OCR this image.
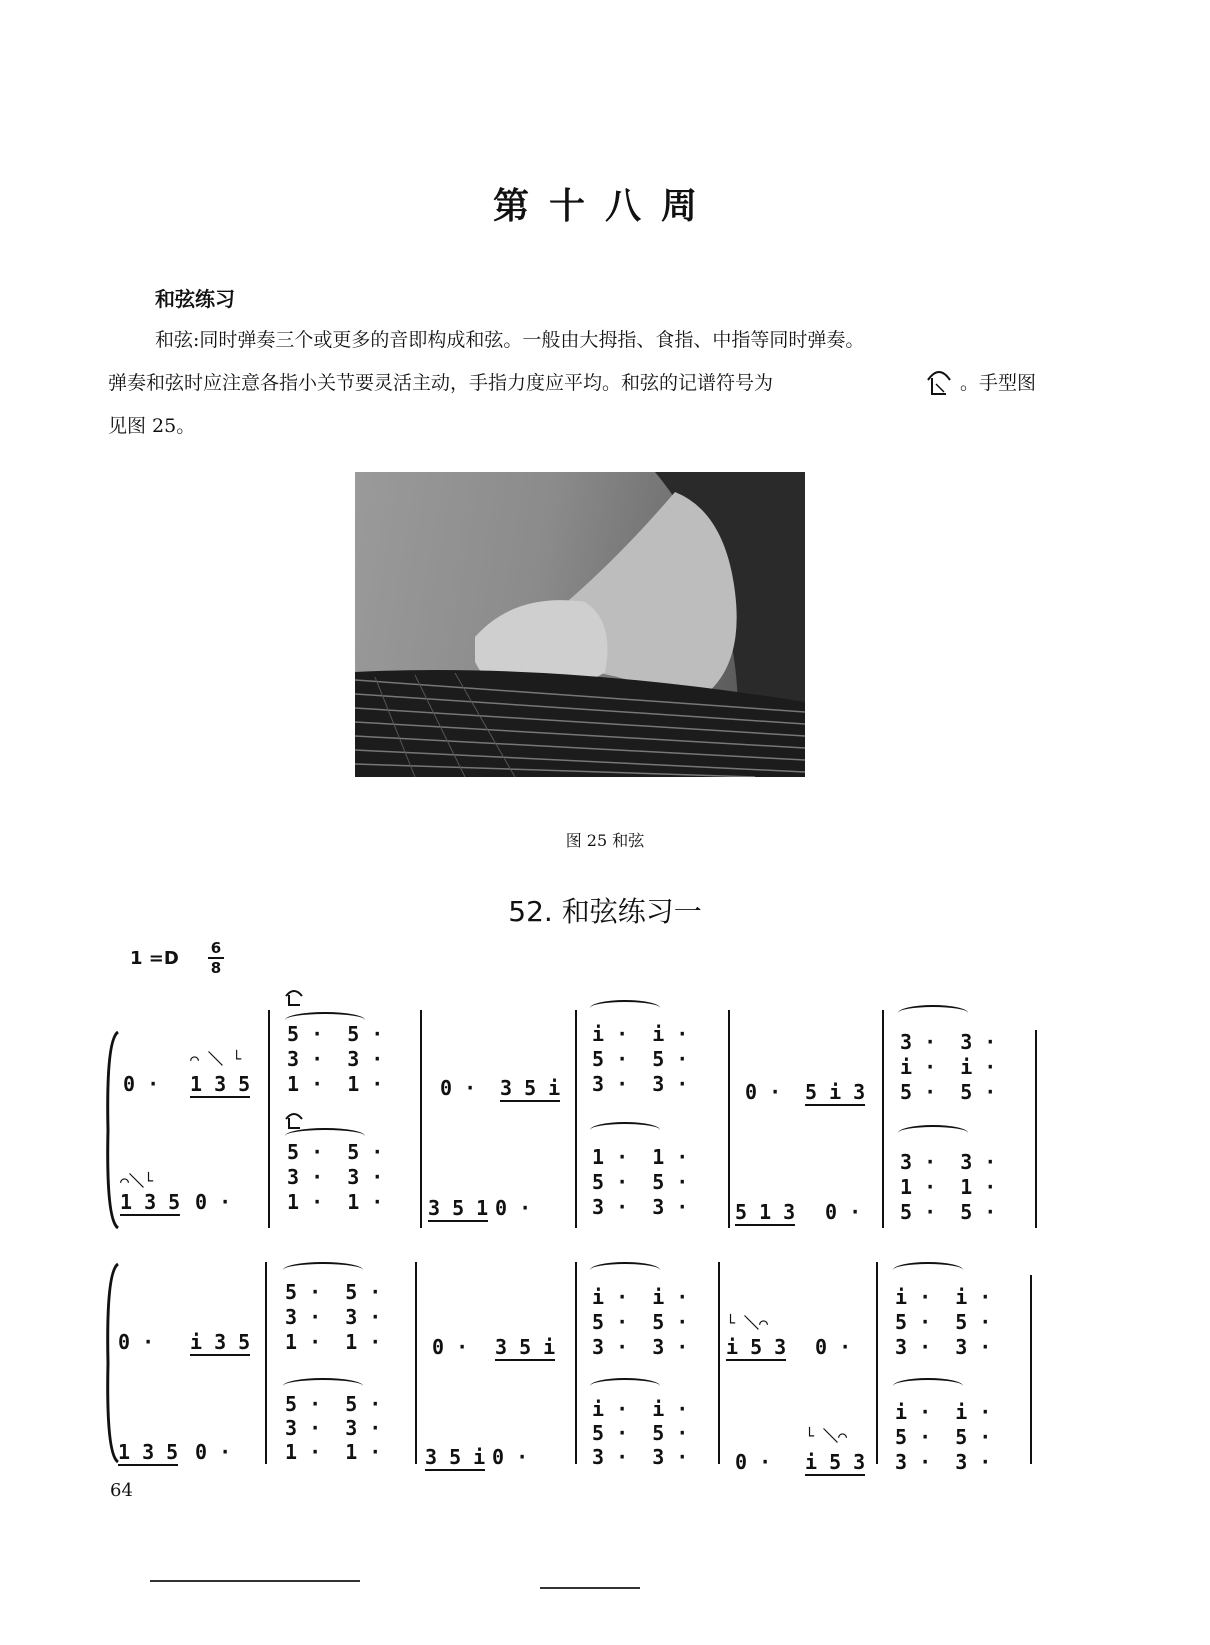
第十八周
和弦练习
和弦:同时弹奏三个或更多的音即构成和弦。一般由大拇指、食指、中指等同时弹奏。
弹奏和弦时应注意各指小关节要灵活主动，手指力度应平均。和弦的记谱符号为	。手型图
见图 25。
图 25 和弦
52. 和弦练习一
1 =D 6
8
0 · 1 3 5
⌒ ＼ └
5 ·  5 ·
3 ·  3 ·
1 ·  1 ·	0 · 3 5 i
i ·  i ·
5 ·  5 ·
3 ·  3 ·	0 · 5 i 3
3 ·  3 ·
i ·  i ·
5 ·  5 ·
⌒＼└
1 3 5 0 ·
5 ·  5 ·
3 ·  3 ·
1 ·  1 · 3 5 1 0 ·
1 ·  1 ·
5 ·  5 ·
3 ·  3 · 5 1 3 0 ·
3 ·  3 ·
1 ·  1 ·
5 ·  5 ·
0 · i 3 5
5 ·  5 ·
3 ·  3 ·
1 ·  1 ·	0 · 3 5 i
i ·  i ·
5 ·  5 ·
3 ·  3 ·
└ ＼⌒
i 5 3 0 ·
i ·  i ·
5 ·  5 ·
3 ·  3 ·
1 3 5 0 ·
5 ·  5 ·
3 ·  3 ·
1 ·  1 · 3 5 i 0 ·
i ·  i ·
5 ·  5 ·
3 ·  3 · 0 ·
└ ＼⌒
i 5 3
i ·  i ·
5 ·  5 ·
3 ·  3 ·
64
